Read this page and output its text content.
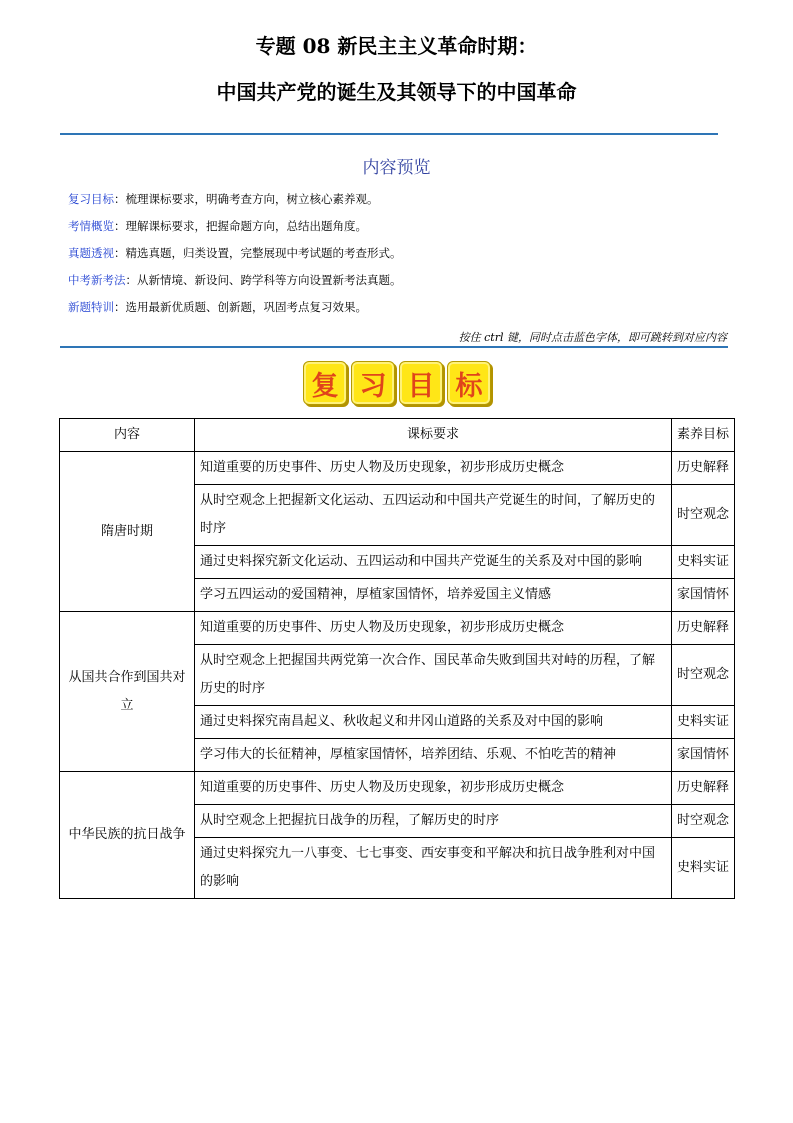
专题 08 新民主主义革命时期：
中国共产党的诞生及其领导下的中国革命
内容预览
复习目标：梳理课标要求，明确考查方向，树立核心素养观。
考情概览：理解课标要求，把握命题方向，总结出题角度。
真题透视：精选真题，归类设置，完整展现中考试题的考查形式。
中考新考法：从新情境、新设问、跨学科等方向设置新考法真题。
新题特训：选用最新优质题、创新题，巩固考点复习效果。
按住 ctrl 键，同时点击蓝色字体，即可跳转到对应内容
复 习 目 标
内容	课标要求	素养目标
隋唐时期	知道重要的历史事件、历史人物及历史现象，初步形成历史概念	历史解释
	从时空观念上把握新文化运动、五四运动和中国共产党诞生的时间，了解历史的时序	时空观念
	通过史料探究新文化运动、五四运动和中国共产党诞生的关系及对中国的影响	史料实证
	学习五四运动的爱国精神，厚植家国情怀，培养爱国主义情感	家国情怀
从国共合作到国共对立	知道重要的历史事件、历史人物及历史现象，初步形成历史概念	历史解释
	从时空观念上把握国共两党第一次合作、国民革命失败到国共对峙的历程，了解历史的时序	时空观念
	通过史料探究南昌起义、秋收起义和井冈山道路的关系及对中国的影响	史料实证
	学习伟大的长征精神，厚植家国情怀，培养团结、乐观、不怕吃苦的精神	家国情怀
中华民族的抗日战争	知道重要的历史事件、历史人物及历史现象，初步形成历史概念	历史解释
	从时空观念上把握抗日战争的历程，了解历史的时序	时空观念
	通过史料探究九一八事变、七七事变、西安事变和平解决和抗日战争胜利对中国的影响	史料实证
